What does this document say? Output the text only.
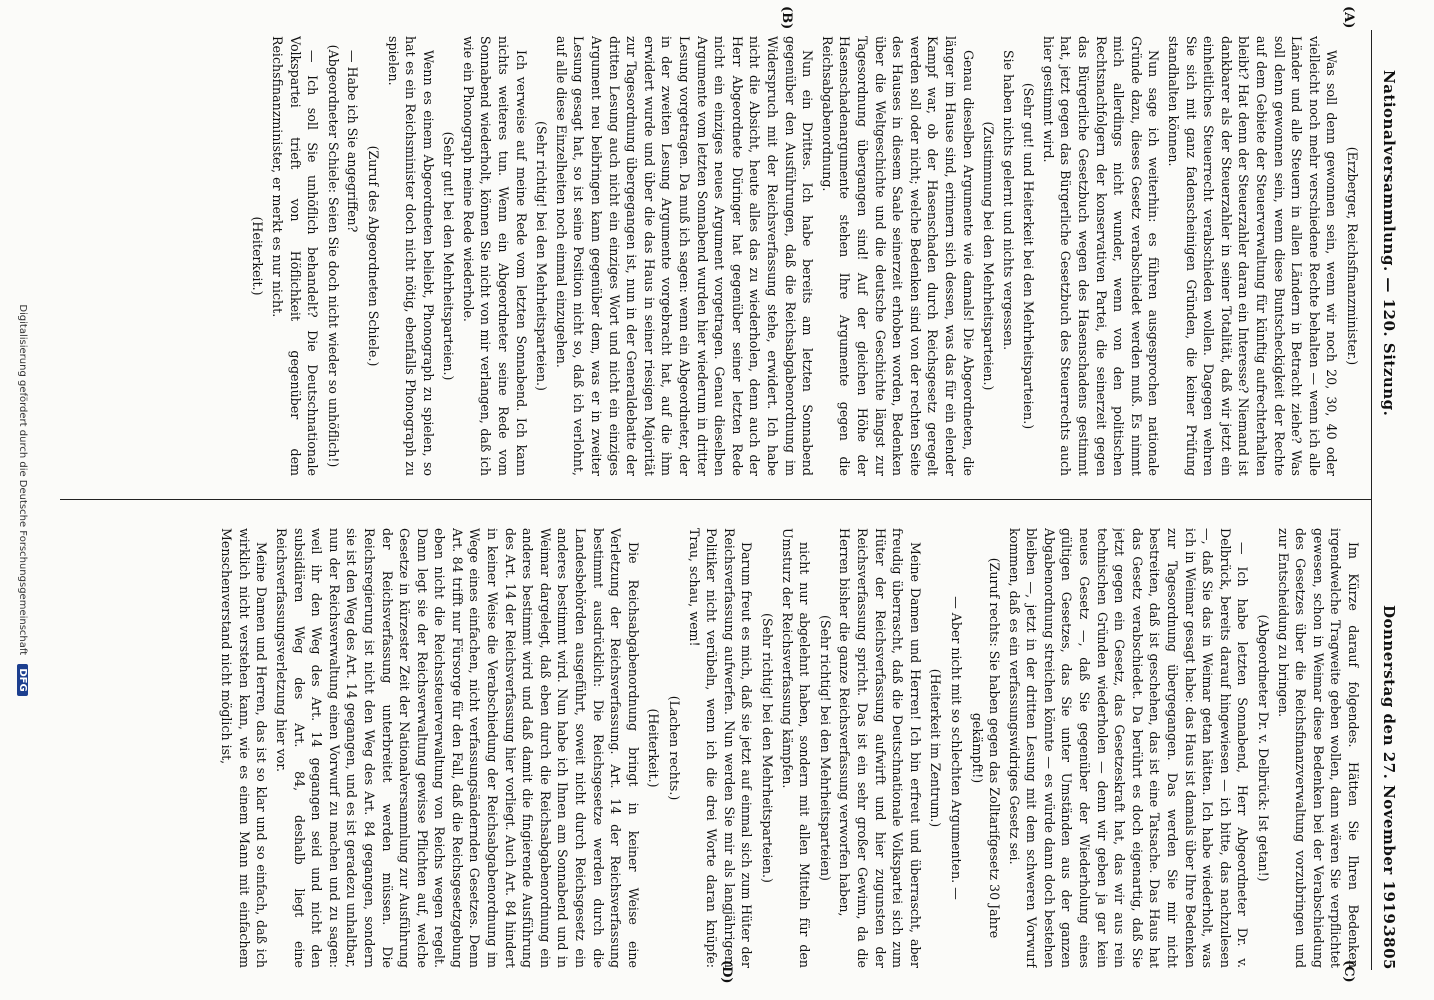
Nationalversammlung. — 120. Sitzung.
Donnerstag den 27. November 1919.
3805
(A)
(B)
(C)
(D)

(Erzberger, Reichsfinanzminister.)

Was soll denn gewonnen sein, wenn wir noch 20, 30, 40 oder vielleicht noch mehr verschiedene Rechte behalten — wenn ich alle Länder und alle Steuern in allen Ländern in Betracht ziehe? Was soll denn gewonnen sein, wenn diese Buntscheckigkeit der Rechte auf dem Gebiete der Steuerverwaltung für künftig aufrechterhalten bleibt? Hat denn der Steuerzahler daran ein Interesse? Niemand ist dankbarer als der Steuerzahler in seiner Totalität, daß wir jetzt ein einheitliches Steuerrecht verabschieden wollen. Dagegen wehren Sie sich mit ganz fadenscheinigen Gründen, die keiner Prüfung standhalten können.

Nun sage ich weiterhin: es führen ausgesprochen nationale Gründe dazu, dieses Gesetz verabschiedet werden muß. Es nimmt mich allerdings nicht wunder, wenn von den politischen Rechtsnachfolgern der konservativen Partei, die seinerzeit gegen das Bürgerliche Gesetzbuch wegen des Hasenschadens gestimmt hat, jetzt gegen das Bürgerliche Gesetzbuch des Steuerrechts auch hier gestimmt wird.

(Sehr gut! und Heiterkeit bei den Mehrheitsparteien.)

Sie haben nichts gelernt und nichts vergessen.

(Zustimmung bei den Mehrheitsparteien.)

Genau dieselben Argumente wie damals! Die Abgeordneten, die länger im Hause sind, erinnern sich dessen, was das für ein elender Kampf war, ob der Hasenschaden durch Reichsgesetz geregelt werden soll oder nicht; welche Bedenken sind von der rechten Seite des Hauses in diesem Saale seinerzeit erhoben worden, Bedenken über die Weltgeschichte und die deutsche Geschichte längst zur Tagesordnung übergangen sind! Auf der gleichen Höhe der Hasenschadenargumente stehen Ihre Argumente gegen die Reichsabgabenordnung.

Nun ein Drittes. Ich habe bereits am letzten Sonnabend gegenüber den Ausführungen, daß die Reichsabgabenordnung im Widerspruch mit der Reichsverfassung stehe, erwidert. Ich habe nicht die Absicht, heute alles das zu wiederholen, denn auch der Herr Abgeordnete Düringer hat gegenüber seiner letzten Rede nicht ein einziges neues Argument vorgetragen. Genau dieselben Argumente vom letzten Sonnabend wurden hier wiederum in dritter Lesung vorgetragen. Da muß ich sagen: wenn ein Abgeordneter, der in der zweiten Lesung Argumente vorgebracht hat, auf die ihm erwidert wurde und über die das Haus in seiner riesigen Majorität zur Tagesordnung übergegangen ist, nun in der Generaldebatte der dritten Lesung auch nicht ein einziges Wort und nicht ein einziges Argument neu beibringen kann gegenüber dem, was er in zweiter Lesung gesagt hat, so ist seine Position nicht so, daß ich verlohnt, auf alle diese Einzelheiten noch einmal einzugehen.

(Sehr richtig! bei den Mehrheitsparteien.)

Ich verweise auf meine Rede vom letzten Sonnabend. Ich kann nichts weiteres tun. Wenn ein Abgeordneter seine Rede vom Sonnabend wiederholt, können Sie nicht von mir verlangen, daß ich wie ein Phonograph meine Rede wiederhole.

(Sehr gut! bei den Mehrheitsparteien.)

Wenn es einem Abgeordneten beliebt, Phonograph zu spielen, so hat es ein Reichsminister doch nicht nötig, ebenfalls Phonograph zu spielen.

(Zuruf des Abgeordneten Schiele.)

— Habe ich Sie angegriffen?

(Abgeordneter Schiele: Seien Sie doch nicht wieder so unhöflich!)

— Ich soll Sie unhöflich behandelt? Die Deutschnationale Volkspartei trieft von Höflichkeit gegenüber dem Reichsfinanzminister, er merkt es nur nicht.

(Heiterkeit.)

Im Kürze darauf folgendes. Hätten Sie Ihren Bedenken irgendwelche Tragweite geben wollen, dann wären Sie verpflichtet gewesen, schon in Weimar diese Bedenken bei der Verabschiedung des Gesetzes über die Reichsfinanzverwaltung vorzubringen und zur Entscheidung zu bringen.

(Abgeordneter Dr. v. Delbrück: Ist getan!)

— Ich habe letzten Sonnabend, Herr Abgeordneter Dr. v. Delbrück, bereits darauf hingewiesen — ich bitte, das nachzulesen —, daß Sie das in Weimar getan hätten. Ich habe wiederholt, was ich in Weimar gesagt habe: das Haus ist damals über Ihre Bedenken zur Tagesordnung übergegangen. Das werden Sie mir nicht bestreiten, daß ist geschehen, das ist eine Tatsache. Das Haus hat das Gesetz verabschiedet. Da berührt es doch eigenartig, daß Sie jetzt gegen ein Gesetz, das Gesetzeskraft hat, das wir aus rein technischen Gründen wiederholen — denn wir geben ja gar kein neues Gesetz —, daß Sie gegenüber der Wiederholung eines gültigen Gesetzes, das Sie unter Umständen aus der ganzen Abgabenordnung streichen könnte — es würde dann doch bestehen bleiben —, jetzt in der dritten Lesung mit dem schweren Vorwurf kommen, daß es ein verfassungswidriges Gesetz sei.

(Zuruf rechts: Sie haben gegen das Zolltarifgesetz 30 Jahre gekämpft!)

— Aber nicht mit so schlechten Argumenten. —

(Heiterkeit im Zentrum.)

Meine Damen und Herren! Ich bin erfreut und überrascht, aber freudig überrascht, daß die Deutschnationale Volkspartei sich zum Hüter der Reichsverfassung aufwirft und hier zugunsten der Reichsverfassung spricht. Das ist ein sehr großer Gewinn, da die Herren bisher die ganze Reichsverfassung verworfen haben,

(Sehr richtig! bei den Mehrheitsparteien)

nicht nur abgelehnt haben, sondern mit allen Mitteln für den Umsturz der Reichsverfassung kämpfen.

(Sehr richtig! bei den Mehrheitsparteien.)

Darum freut es mich, daß sie jetzt auf einmal sich zum Hüter der Reichsverfassung aufwerfen. Nun werden Sie mir als langjährigem Politiker nicht verübeln, wenn ich die drei Worte daran knüpfe: Trau, schau, wem!

(Lachen rechts.)

(Heiterkeit.)

Die Reichsabgabenordnung bringt in keiner Weise eine Verletzung der Reichsverfassung. Art. 14 der Reichsverfassung bestimmt ausdrücklich: Die Reichsgesetze werden durch die Landesbehörden ausgeführt, soweit nicht durch Reichsgesetz ein anderes bestimmt wird. Nun habe ich Ihnen am Sonnabend und in Weimar dargelegt, daß eben durch die Reichsabgabenordnung ein anderes bestimmt wird und daß damit die fingierende Ausführung des Art. 14 der Reichsverfassung hier vorliegt. Auch Art. 84 hindert in keiner Weise die Verabschiedung der Reichsabgabenordnung im Wege eines einfachen, nicht verfassungsändernden Gesetzes. Denn Art. 84 trifft nur Fürsorge für den Fall, daß die Reichsgesetzgebung eben nicht die Reichssteuerverwaltung von Reichs wegen regelt. Dann legt sie der Reichsverwaltung gewisse Pflichten auf, welche Gesetze in kürzester Zeit der Nationalversammlung zur Ausführung der Reichsverfassung unterbreitet werden müssen. Die Reichsregierung ist nicht den Weg des Art. 84 gegangen, sondern sie ist den Weg des Art. 14 gegangen, und es ist geradezu unhaltbar, nun der Reichsverwaltung einen Vorwurf zu machen und zu sagen: weil ihr den Weg des Art. 14 gegangen seid und nicht den subsidiären Weg des Art. 84, deshalb liegt eine Reichsverfassungsverletzung hier vor.

Meine Damen und Herren, das ist so klar und so einfach, daß ich wirklich nicht verstehen kann, wie es einem Mann mit einfachem Menschenverstand nicht möglich ist,

Digitalisierung gefördert durch die Deutsche Forschungsgemeinschaft DFG
